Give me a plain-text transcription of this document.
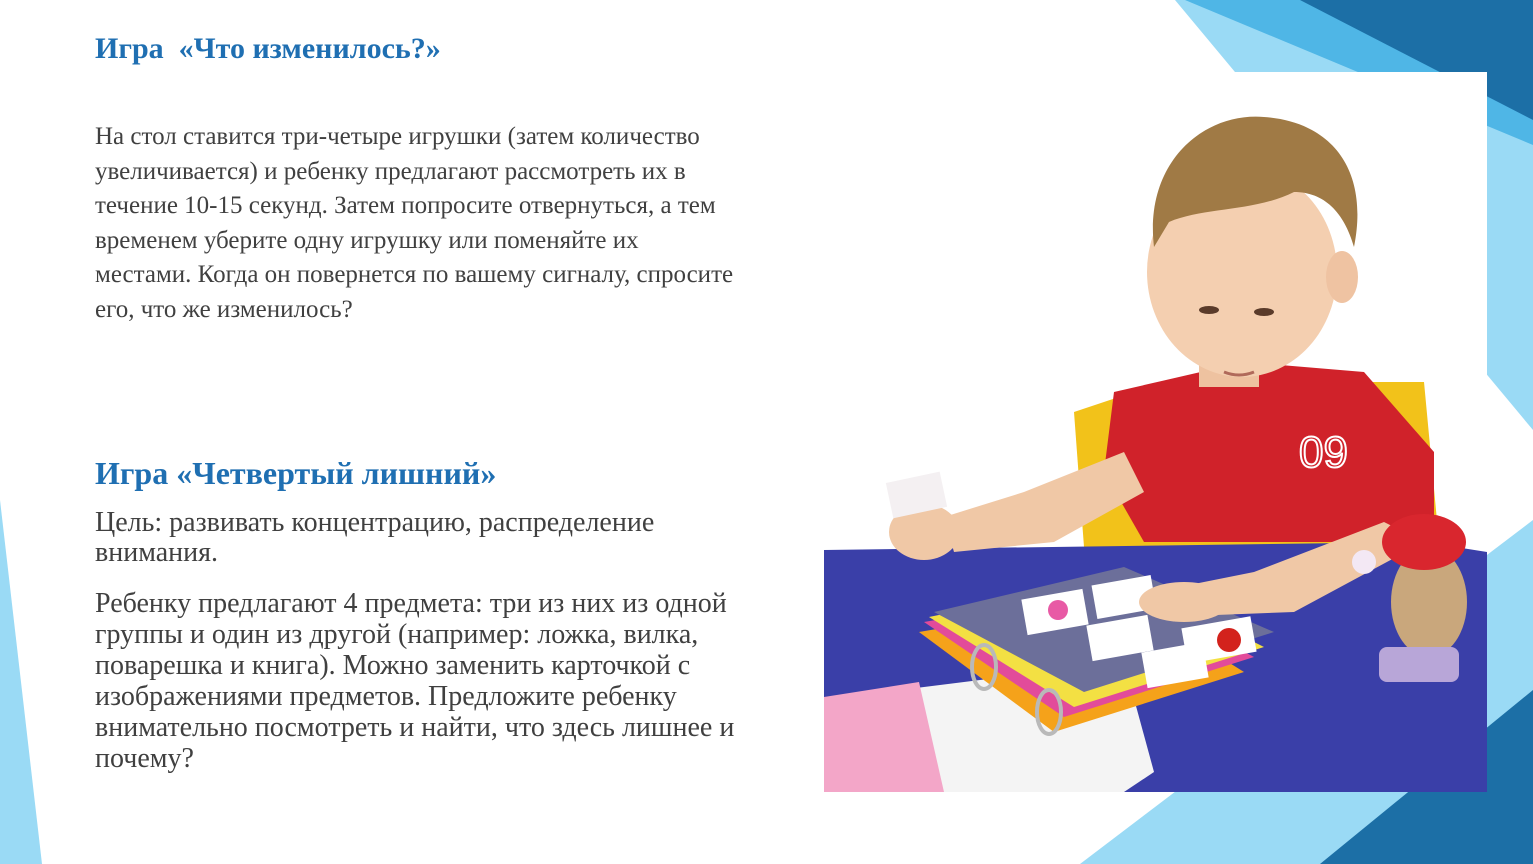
Игра  «Что изменилось?»
На стол ставится три-четыре игрушки (затем количество увеличивается) и ребенку предлагают рассмотреть их в течение 10-15 секунд. Затем попросите отвернуться, а тем временем уберите одну игрушку или поменяйте их местами. Когда он повернется по вашему сигналу, спросите его, что же изменилось?
Игра «Четвертый лишний»
Цель: развивать концентрацию, распределение внимания.
Ребенку предлагают 4 предмета: три из них из одной группы и один из другой (например: ложка, вилка, поварешка и книга). Можно заменить карточкой с изображениями предметов. Предложите ребенку внимательно посмотреть и найти, что здесь лишнее и почему?
09
